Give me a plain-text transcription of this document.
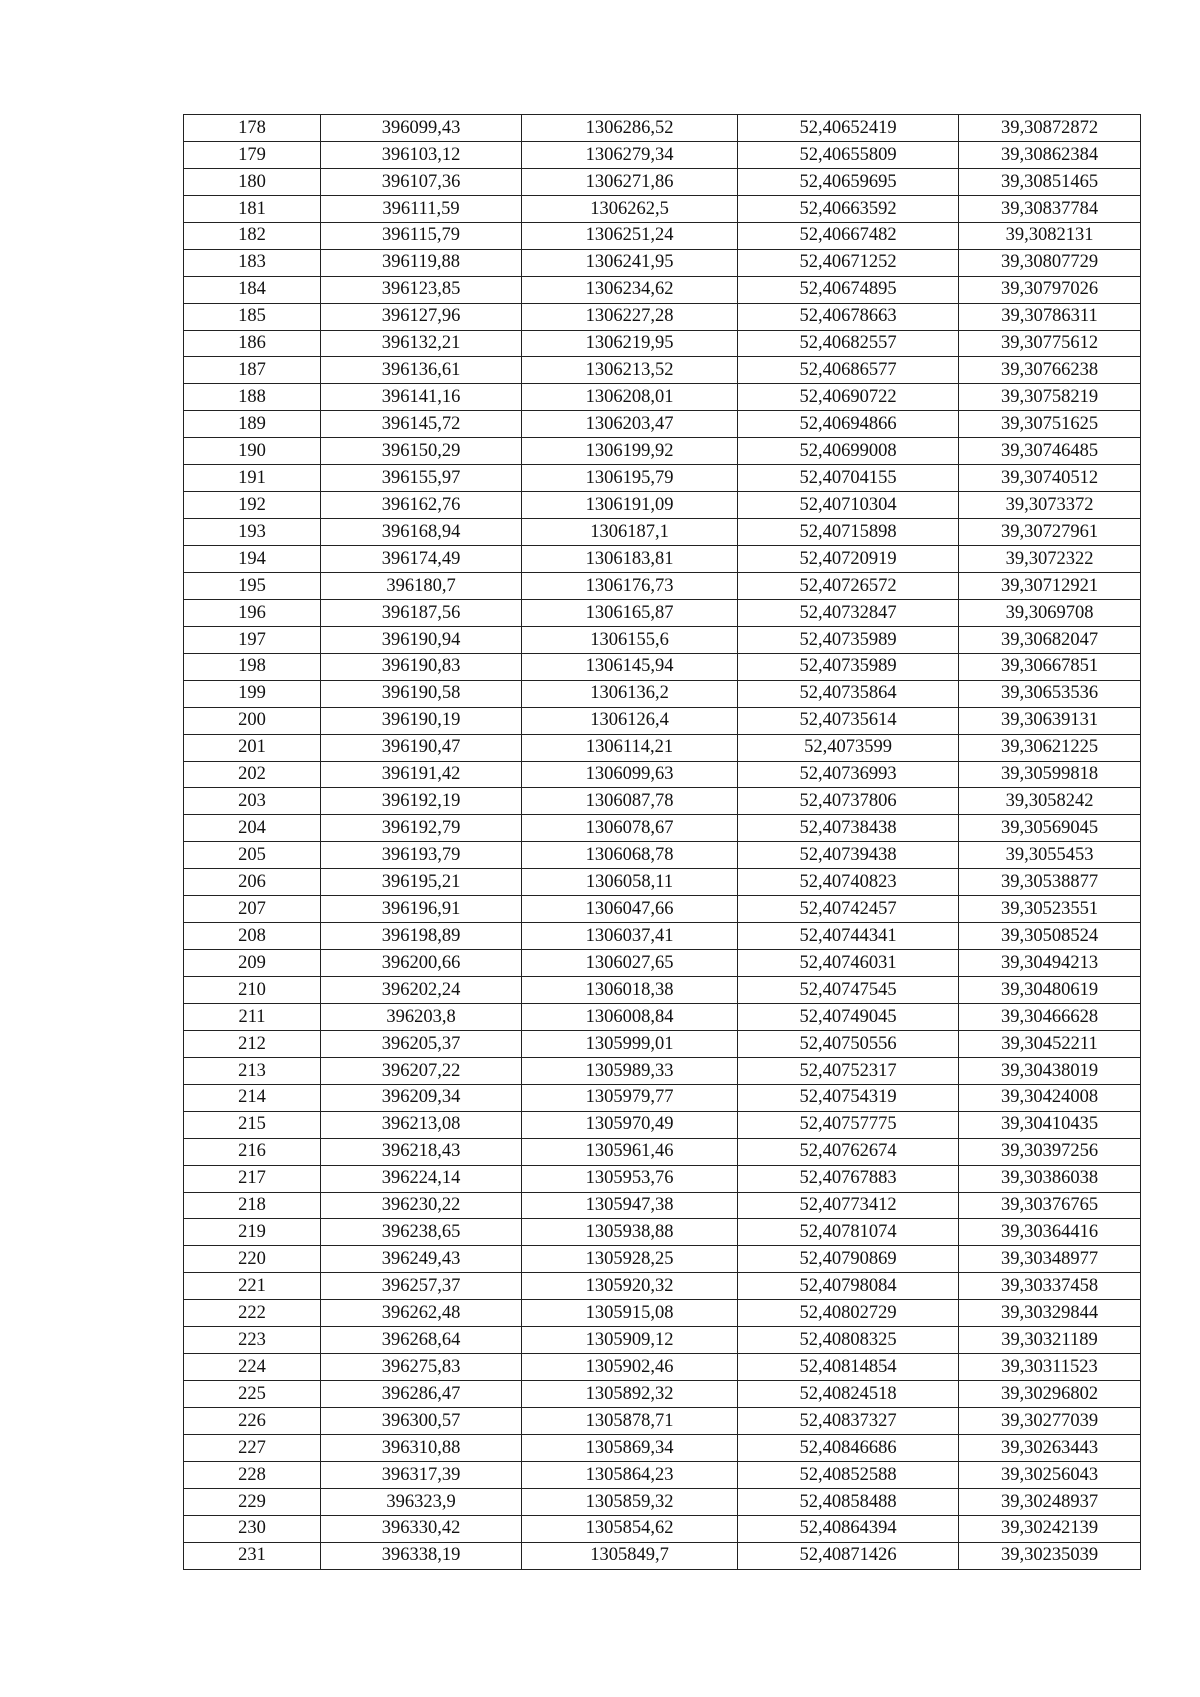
178	396099,43	1306286,52	52,40652419	39,30872872
179	396103,12	1306279,34	52,40655809	39,30862384
180	396107,36	1306271,86	52,40659695	39,30851465
181	396111,59	1306262,5	52,40663592	39,30837784
182	396115,79	1306251,24	52,40667482	39,3082131
183	396119,88	1306241,95	52,40671252	39,30807729
184	396123,85	1306234,62	52,40674895	39,30797026
185	396127,96	1306227,28	52,40678663	39,30786311
186	396132,21	1306219,95	52,40682557	39,30775612
187	396136,61	1306213,52	52,40686577	39,30766238
188	396141,16	1306208,01	52,40690722	39,30758219
189	396145,72	1306203,47	52,40694866	39,30751625
190	396150,29	1306199,92	52,40699008	39,30746485
191	396155,97	1306195,79	52,40704155	39,30740512
192	396162,76	1306191,09	52,40710304	39,3073372
193	396168,94	1306187,1	52,40715898	39,30727961
194	396174,49	1306183,81	52,40720919	39,3072322
195	396180,7	1306176,73	52,40726572	39,30712921
196	396187,56	1306165,87	52,40732847	39,3069708
197	396190,94	1306155,6	52,40735989	39,30682047
198	396190,83	1306145,94	52,40735989	39,30667851
199	396190,58	1306136,2	52,40735864	39,30653536
200	396190,19	1306126,4	52,40735614	39,30639131
201	396190,47	1306114,21	52,4073599	39,30621225
202	396191,42	1306099,63	52,40736993	39,30599818
203	396192,19	1306087,78	52,40737806	39,3058242
204	396192,79	1306078,67	52,40738438	39,30569045
205	396193,79	1306068,78	52,40739438	39,3055453
206	396195,21	1306058,11	52,40740823	39,30538877
207	396196,91	1306047,66	52,40742457	39,30523551
208	396198,89	1306037,41	52,40744341	39,30508524
209	396200,66	1306027,65	52,40746031	39,30494213
210	396202,24	1306018,38	52,40747545	39,30480619
211	396203,8	1306008,84	52,40749045	39,30466628
212	396205,37	1305999,01	52,40750556	39,30452211
213	396207,22	1305989,33	52,40752317	39,30438019
214	396209,34	1305979,77	52,40754319	39,30424008
215	396213,08	1305970,49	52,40757775	39,30410435
216	396218,43	1305961,46	52,40762674	39,30397256
217	396224,14	1305953,76	52,40767883	39,30386038
218	396230,22	1305947,38	52,40773412	39,30376765
219	396238,65	1305938,88	52,40781074	39,30364416
220	396249,43	1305928,25	52,40790869	39,30348977
221	396257,37	1305920,32	52,40798084	39,30337458
222	396262,48	1305915,08	52,40802729	39,30329844
223	396268,64	1305909,12	52,40808325	39,30321189
224	396275,83	1305902,46	52,40814854	39,30311523
225	396286,47	1305892,32	52,40824518	39,30296802
226	396300,57	1305878,71	52,40837327	39,30277039
227	396310,88	1305869,34	52,40846686	39,30263443
228	396317,39	1305864,23	52,40852588	39,30256043
229	396323,9	1305859,32	52,40858488	39,30248937
230	396330,42	1305854,62	52,40864394	39,30242139
231	396338,19	1305849,7	52,40871426	39,30235039
